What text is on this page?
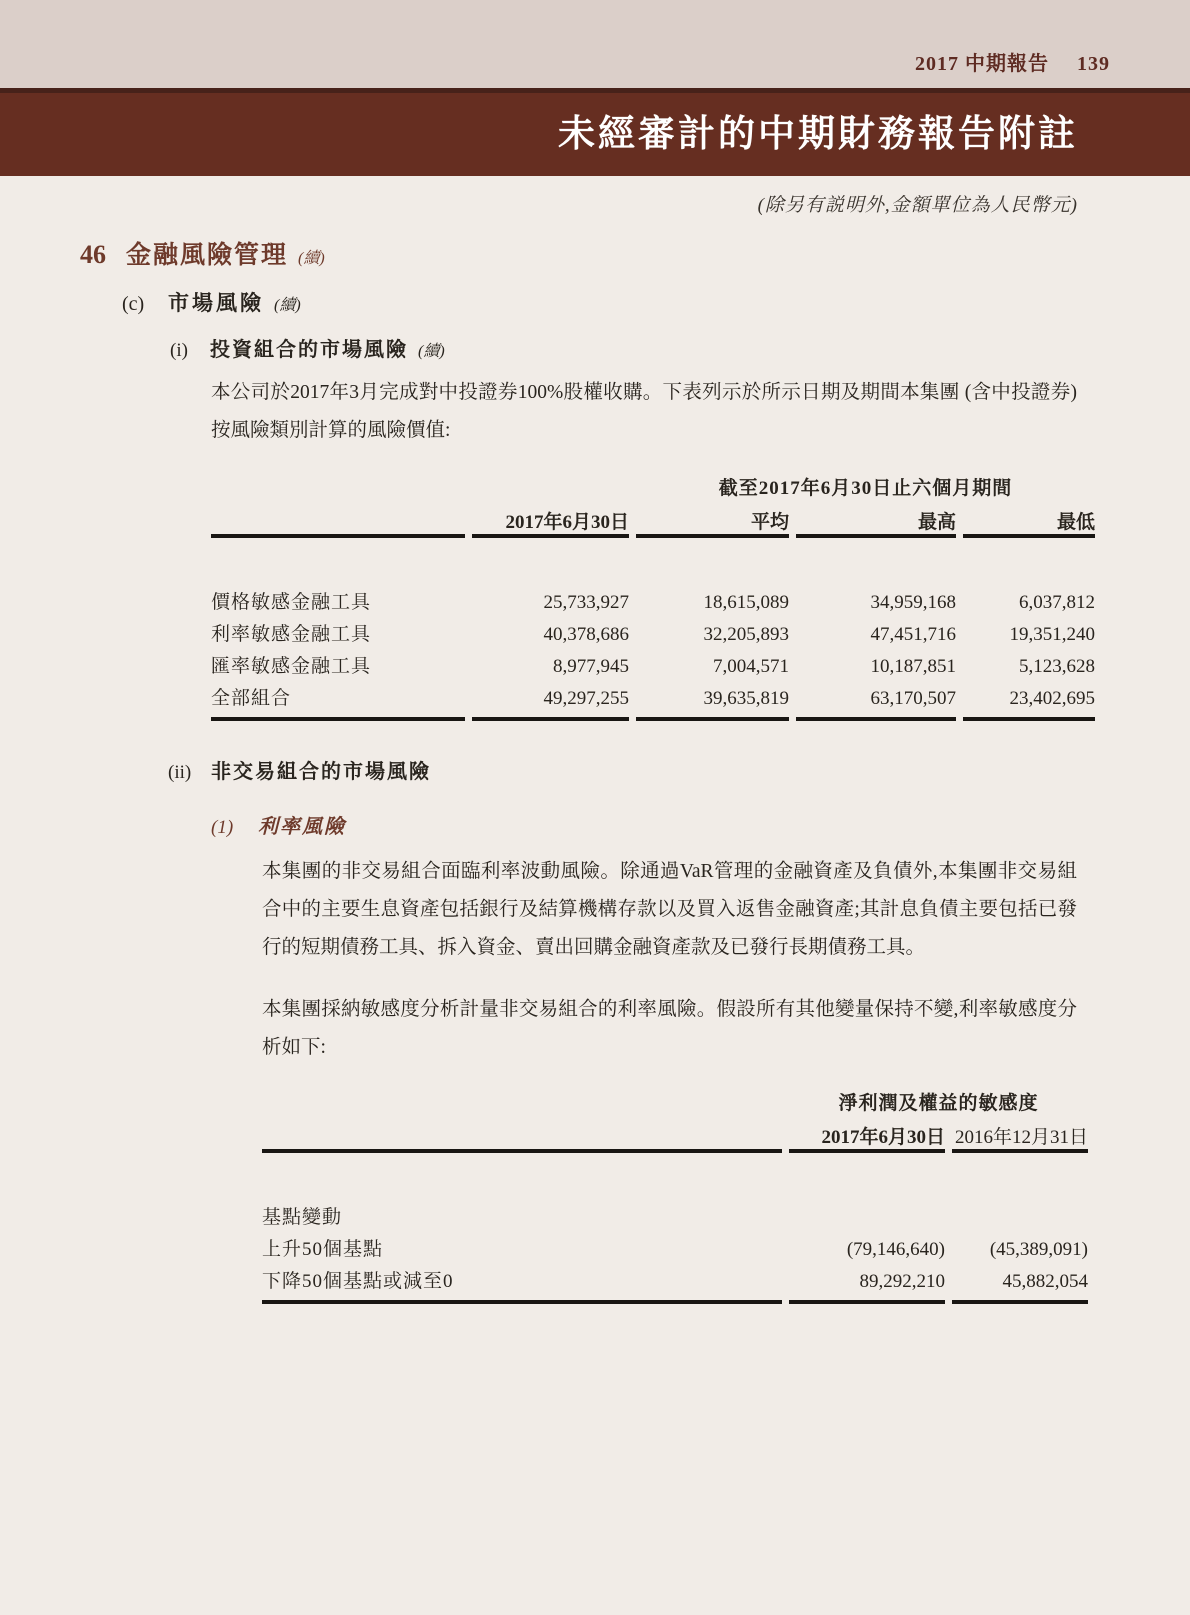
2017 中期報告 139
未經審計的中期財務報告附註
(除另有説明外,金額單位為人民幣元)
46 金融風險管理 (續)
(c) 市場風險 (續)
(i) 投資組合的市場風險 (續)
本公司於2017年3月完成對中投證券100%股權收購。下表列示於所示日期及期間本集團 (含中投證券) 按風險類別計算的風險價值:
		截至2017年6月30日止六個月期間		
	2017年6月30日	平均	最高	最低

價格敏感金融工具	25,733,927	18,615,089	34,959,168	6,037,812
利率敏感金融工具	40,378,686	32,205,893	47,451,716	19,351,240
匯率敏感金融工具	8,977,945	7,004,571	10,187,851	5,123,628
全部組合	49,297,255	39,635,819	63,170,507	23,402,695
(ii) 非交易組合的市場風險
(1) 利率風險
本集團的非交易組合面臨利率波動風險。除通過VaR管理的金融資產及負債外,本集團非交易組合中的主要生息資產包括銀行及結算機構存款以及買入返售金融資產;其計息負債主要包括已發行的短期債務工具、拆入資金、賣出回購金融資產款及已發行長期債務工具。
本集團採納敏感度分析計量非交易組合的利率風險。假設所有其他變量保持不變,利率敏感度分析如下:
	淨利潤及權益的敏感度	
	2017年6月30日	2016年12月31日

基點變動		
上升50個基點	(79,146,640)	(45,389,091)
下降50個基點或減至0	89,292,210	45,882,054
